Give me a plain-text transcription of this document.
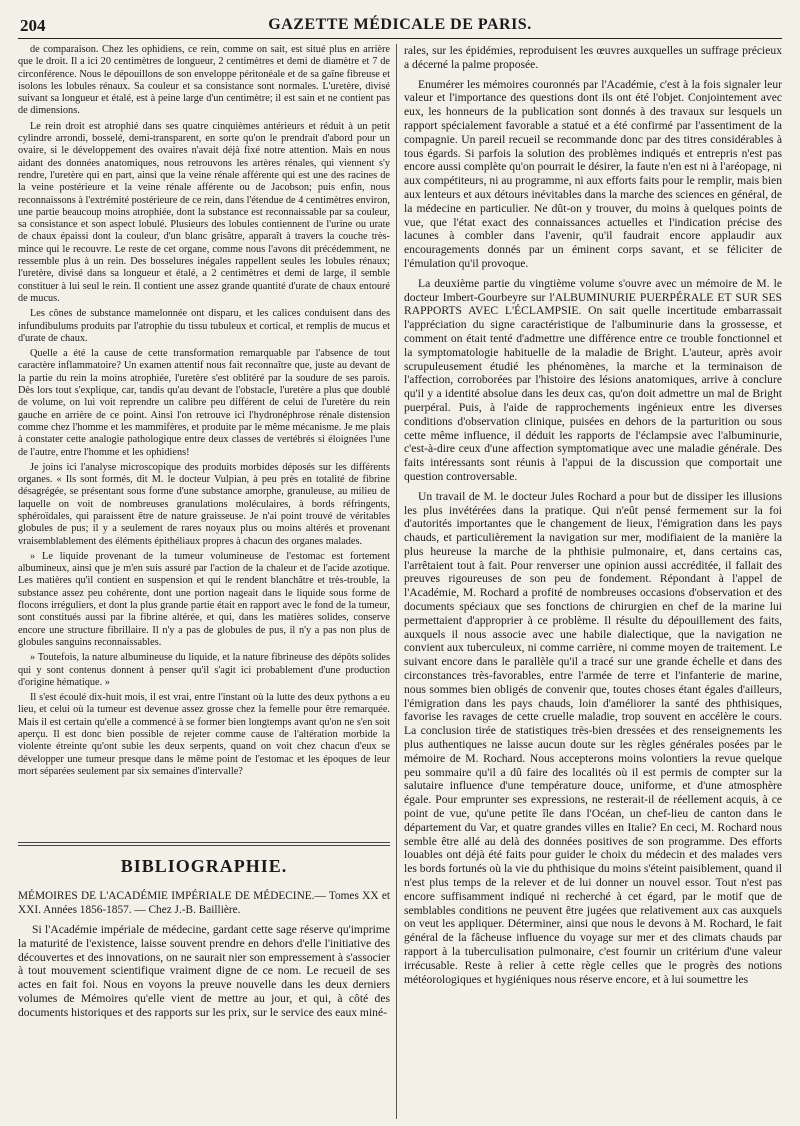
204	GAZETTE MÉDICALE DE PARIS.

de comparaison. Chez les ophidiens, ce rein, comme on sait, est situé plus en arrière que le droit. Il a ici 20 centimètres de longueur, 2 centimètres et demi de diamètre et 7 de circonférence. Nous le dépouillons de son enveloppe péritonéale et de sa gaîne fibreuse et isolons les lobules rénaux. Sa couleur et sa consistance sont normales. L'uretère, divisé suivant sa longueur et étalé, est à peine large d'un centimètre; il est sain et ne contient pas de dimensions.

Le rein droit est atrophié dans ses quatre cinquièmes antérieurs et réduit à un petit cylindre arrondi, bosselé, demi-transparent, en sorte qu'on le prendrait d'abord pour un ovaire, si le développement des ovaires n'avait déjà fixé notre attention. Mais en nous aidant des données anatomiques, nous retrouvons les artères rénales, qui viennent s'y rendre, l'uretère qui en part, ainsi que la veine rénale afférente qui est une des racines de la veine postérieure et la veine rénale afférente ou de Jacobson; puis enfin, nous reconnaissons à l'extrémité postérieure de ce rein, dans l'étendue de 4 centimètres environ, une partie beaucoup moins atrophiée, dont la substance est reconnaissable par sa couleur, sa consistance et son aspect lobulé. Plusieurs des lobules contiennent de l'urine ou urate de chaux épaissi dont la couleur, d'un blanc grisâtre, apparaît à travers la couche très-mince qui le recouvre. Le reste de cet organe, comme nous l'avons dit précédemment, ne ressemble plus à un rein. Des bosselures inégales rappellent seules les lobules rénaux; l'uretère, divisé dans sa longueur et étalé, a 2 centimètres et demi de large, il semble constituer à lui seul le rein. Il contient une assez grande quantité d'urate de chaux entouré de mucus.

Les cônes de substance mamelonnée ont disparu, et les calices conduisent dans des infundibulums produits par l'atrophie du tissu tubuleux et cortical, et remplis de mucus et d'urate de chaux.

Quelle a été la cause de cette transformation remarquable par l'absence de tout caractère inflammatoire? Un examen attentif nous fait reconnaître que, juste au devant de la partie du rein la moins atrophiée, l'uretère s'est oblitéré par la soudure de ses parois. Dès lors tout s'explique, car, tandis qu'au devant de l'obstacle, l'uretère a plus que doublé de volume, on lui voit reprendre un calibre peu différent de celui de l'uretère du rein gauche en arrière de ce point. Ainsi l'on retrouve ici l'hydronéphrose rénale distension comme chez l'homme et les mammifères, et produite par le même mécanisme. Je me plais à constater cette analogie pathologique entre deux classes de vertébrés si éloignées l'une de l'autre, entre l'homme et les ophidiens!

Je joins ici l'analyse microscopique des produits morbides déposés sur les différents organes. « Ils sont formés, dit M. le docteur Vulpian, à peu près en totalité de fibrine désagrégée, se présentant sous forme d'une substance amorphe, granuleuse, au milieu de laquelle on voit de nombreuses granulations moléculaires, à bords réfringents, sphéroïdales, qui paraissent être de nature graisseuse. Je n'ai point trouvé de véritables globules de pus; il y a seulement de rares noyaux plus ou moins altérés et provenant vraisemblablement des éléments épithéliaux propres à chacun des organes malades.

» Le liquide provenant de la tumeur volumineuse de l'estomac est fortement albumineux, ainsi que je m'en suis assuré par l'action de la chaleur et de l'acide azotique. Les matières qu'il contient en suspension et qui le rendent blanchâtre et très-trouble, la substance assez peu cohérente, dont une portion nageait dans le liquide sous forme de flocons irréguliers, et dont la plus grande partie était en rapport avec le fond de la tumeur, sont constitués aussi par la fibrine altérée, et qui, dans les matières solides, conserve encore une structure fibrillaire. Il n'y a pas de globules de pus, il n'y a pas non plus de globules sanguins reconnaissables.

» Toutefois, la nature albumineuse du liquide, et la nature fibrineuse des dépôts solides qui y sont contenus donnent à penser qu'il s'agit ici probablement d'une production d'origine hématique. »

Il s'est écoulé dix-huit mois, il est vrai, entre l'instant où la lutte des deux pythons a eu lieu, et celui où la tumeur est devenue assez grosse chez la femelle pour être remarquée. Mais il est certain qu'elle a commencé à se former bien longtemps avant qu'on ne s'en soit aperçu. Il est donc bien possible de rejeter comme cause de l'altération morbide la violente étreinte qu'ont subie les deux serpents, quand on voit chez chacun d'eux se développer une tumeur presque dans le même point de l'estomac et les époques de leur mort séparées seulement par six semaines d'intervalle?

BIBLIOGRAPHIE.
MÉMOIRES DE L'ACADÉMIE IMPÉRIALE DE MÉDECINE.— Tomes XX et XXI. Années 1856-1857. — Chez J.-B. Baillière.

Si l'Académie impériale de médecine, gardant cette sage réserve qu'imprime la maturité de l'existence, laisse souvent prendre en dehors d'elle l'initiative des découvertes et des innovations, on ne saurait nier son empressement à s'associer à tout mouvement scientifique vraiment digne de ce nom. Le recueil de ses actes en fait foi. Nous en voyons la preuve nouvelle dans les deux derniers volumes de Mémoires qu'elle vient de mettre au jour, et qui, à côté des documents historiques et des rapports sur les prix, sur le service des eaux miné-

rales, sur les épidémies, reproduisent les œuvres auxquelles un suffrage précieux a décerné la palme proposée.

Enumérer les mémoires couronnés par l'Académie, c'est à la fois signaler leur valeur et l'importance des questions dont ils ont été l'objet. Conjointement avec eux, les honneurs de la publication sont donnés à des travaux sur lesquels un rapport spécialement favorable a statué et a été confirmé par l'assentiment de la compagnie. Un pareil recueil se recommande donc par des titres considérables à tous égards. Si parfois la solution des problèmes indiqués et entrepris n'est pas encore aussi complète qu'on pourrait le désirer, la faute n'en est ni à l'aréopage, ni aux compétiteurs, ni au programme, ni aux efforts faits pour le remplir, mais bien aux lenteurs et aux détours inévitables dans la marche des sciences en général, de la médecine en particulier. Ne dût-on y trouver, du moins à quelques points de vue, que l'état exact des connaissances actuelles et l'indication précise des lacunes à combler dans l'avenir, qu'il faudrait encore applaudir aux encouragements donnés par un éminent corps savant, et se féliciter de l'émulation qu'il provoque.

La deuxième partie du vingtième volume s'ouvre avec un mémoire de M. le docteur Imbert-Gourbeyre sur l'ALBUMINURIE PUERPÉRALE ET SUR SES RAPPORTS AVEC L'ÉCLAMPSIE. On sait quelle incertitude embarrassait l'appréciation du signe caractéristique de l'albuminurie dans la grossesse, et comment on était tenté d'admettre une différence entre ce trouble fonctionnel et la symptomatologie habituelle de la maladie de Bright. L'auteur, après avoir scrupuleusement étudié les phénomènes, la marche et la terminaison de l'affection, corroborées par l'histoire des lésions anatomiques, arrive à conclure qu'il y a identité absolue dans les deux cas, qu'on doit admettre un mal de Bright puerpéral. Puis, à l'aide de rapprochements ingénieux entre les diverses conditions d'observation clinique, puisées en dehors de la parturition ou sous cette même influence, il déduit les rapports de l'éclampsie avec l'albuminurie, c'est-à-dire ceux d'une affection symptomatique avec une maladie générale. Des faits intéressants sont réunis à l'appui de la discussion que comportait une question controversable.

Un travail de M. le docteur Jules Rochard a pour but de dissiper les illusions les plus invétérées dans la pratique. Qui n'eût pensé fermement sur la foi d'autorités importantes que le changement de lieux, l'émigration dans les pays chauds, et particulièrement la navigation sur mer, modifiaient de la manière la plus heureuse la marche de la phthisie pulmonaire, et, dans certains cas, l'arrêtaient tout à fait. Pour renverser une opinion aussi accréditée, il fallait des preuves rigoureuses de son peu de fondement. Répondant à l'appel de l'Académie, M. Rochard a profité de nombreuses occasions d'observation et des documents spéciaux que ses fonctions de chirurgien en chef de la marine lui permettaient d'approprier à ce problème. Il résulte du dépouillement des faits, auxquels il nous associe avec une habile dialectique, que la navigation ne convient aux tuberculeux, ni comme carrière, ni comme moyen de traitement. Le suivant encore dans le parallèle qu'il a tracé sur une grande échelle et dans des circonstances très-favorables, entre l'armée de terre et l'infanterie de marine, nous sommes bien obligés de convenir que, toutes choses étant égales d'ailleurs, l'émigration dans les pays chauds, loin d'améliorer la santé des phthisiques, favorise les ravages de cette cruelle maladie, trop souvent en accélère le cours. La conclusion tirée de statistiques très-bien dressées et des renseignements les plus authentiques ne laisse aucun doute sur les règles générales posées par le mémoire de M. Rochard. Nous accepterons moins volontiers la revue quelque peu sommaire qu'il a dû faire des localités où il est permis de compter sur la salutaire influence d'une température douce, uniforme, et d'une atmosphère égale. Pour emprunter ses expressions, ne resterait-il de réellement acquis, à ce point de vue, qu'une petite île dans l'Océan, un chef-lieu de canton dans le département du Var, et quatre grandes villes en Italie? En ceci, M. Rochard nous semble être allé au delà des données positives de son programme. Des efforts louables ont déjà été faits pour guider le choix du médecin et des malades vers les bords fortunés où la vie du phthisique du moins s'éteint paisiblement, quand il n'est plus temps de la relever et de lui donner un nouvel essor. Tout n'est pas encore suffisamment indiqué ni recherché à cet égard, par le motif que de semblables conditions ne peuvent être jugées que relativement aux cas auxquels on veut les appliquer. Déterminer, ainsi que nous le devons à M. Rochard, le fait général de la fâcheuse influence du voyage sur mer et des climats chauds par rapport à la tuberculisation pulmonaire, c'est fournir un critérium d'une valeur irrécusable. Reste à relier à cette règle celles que le progrès des notions météorologiques et hygiéniques nous réserve encore, et à lui soumettre les
